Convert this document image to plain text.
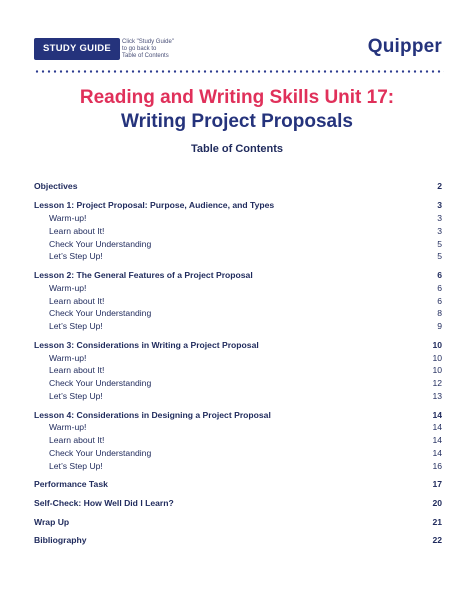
STUDY GUIDE
Click "Study Guide"
to go back to
Table of Contents	Quipper
Reading and Writing Skills Unit 17:
Writing Project Proposals
Table of Contents
Objectives	2
Lesson 1: Project Proposal: Purpose, Audience, and Types	3
Warm-up!	3
Learn about It!	3
Check Your Understanding	5
Let’s Step Up!	5
Lesson 2: The General Features of a Project Proposal	6
Warm-up!	6
Learn about It!	6
Check Your Understanding	8
Let’s Step Up!	9
Lesson 3: Considerations in Writing a Project Proposal	10
Warm-up!	10
Learn about It!	10
Check Your Understanding	12
Let’s Step Up!	13
Lesson 4: Considerations in Designing a Project Proposal	14
Warm-up!	14
Learn about It!	14
Check Your Understanding	14
Let’s Step Up!	16
Performance Task	17
Self-Check: How Well Did I Learn?	20
Wrap Up	21
Bibliography	22
